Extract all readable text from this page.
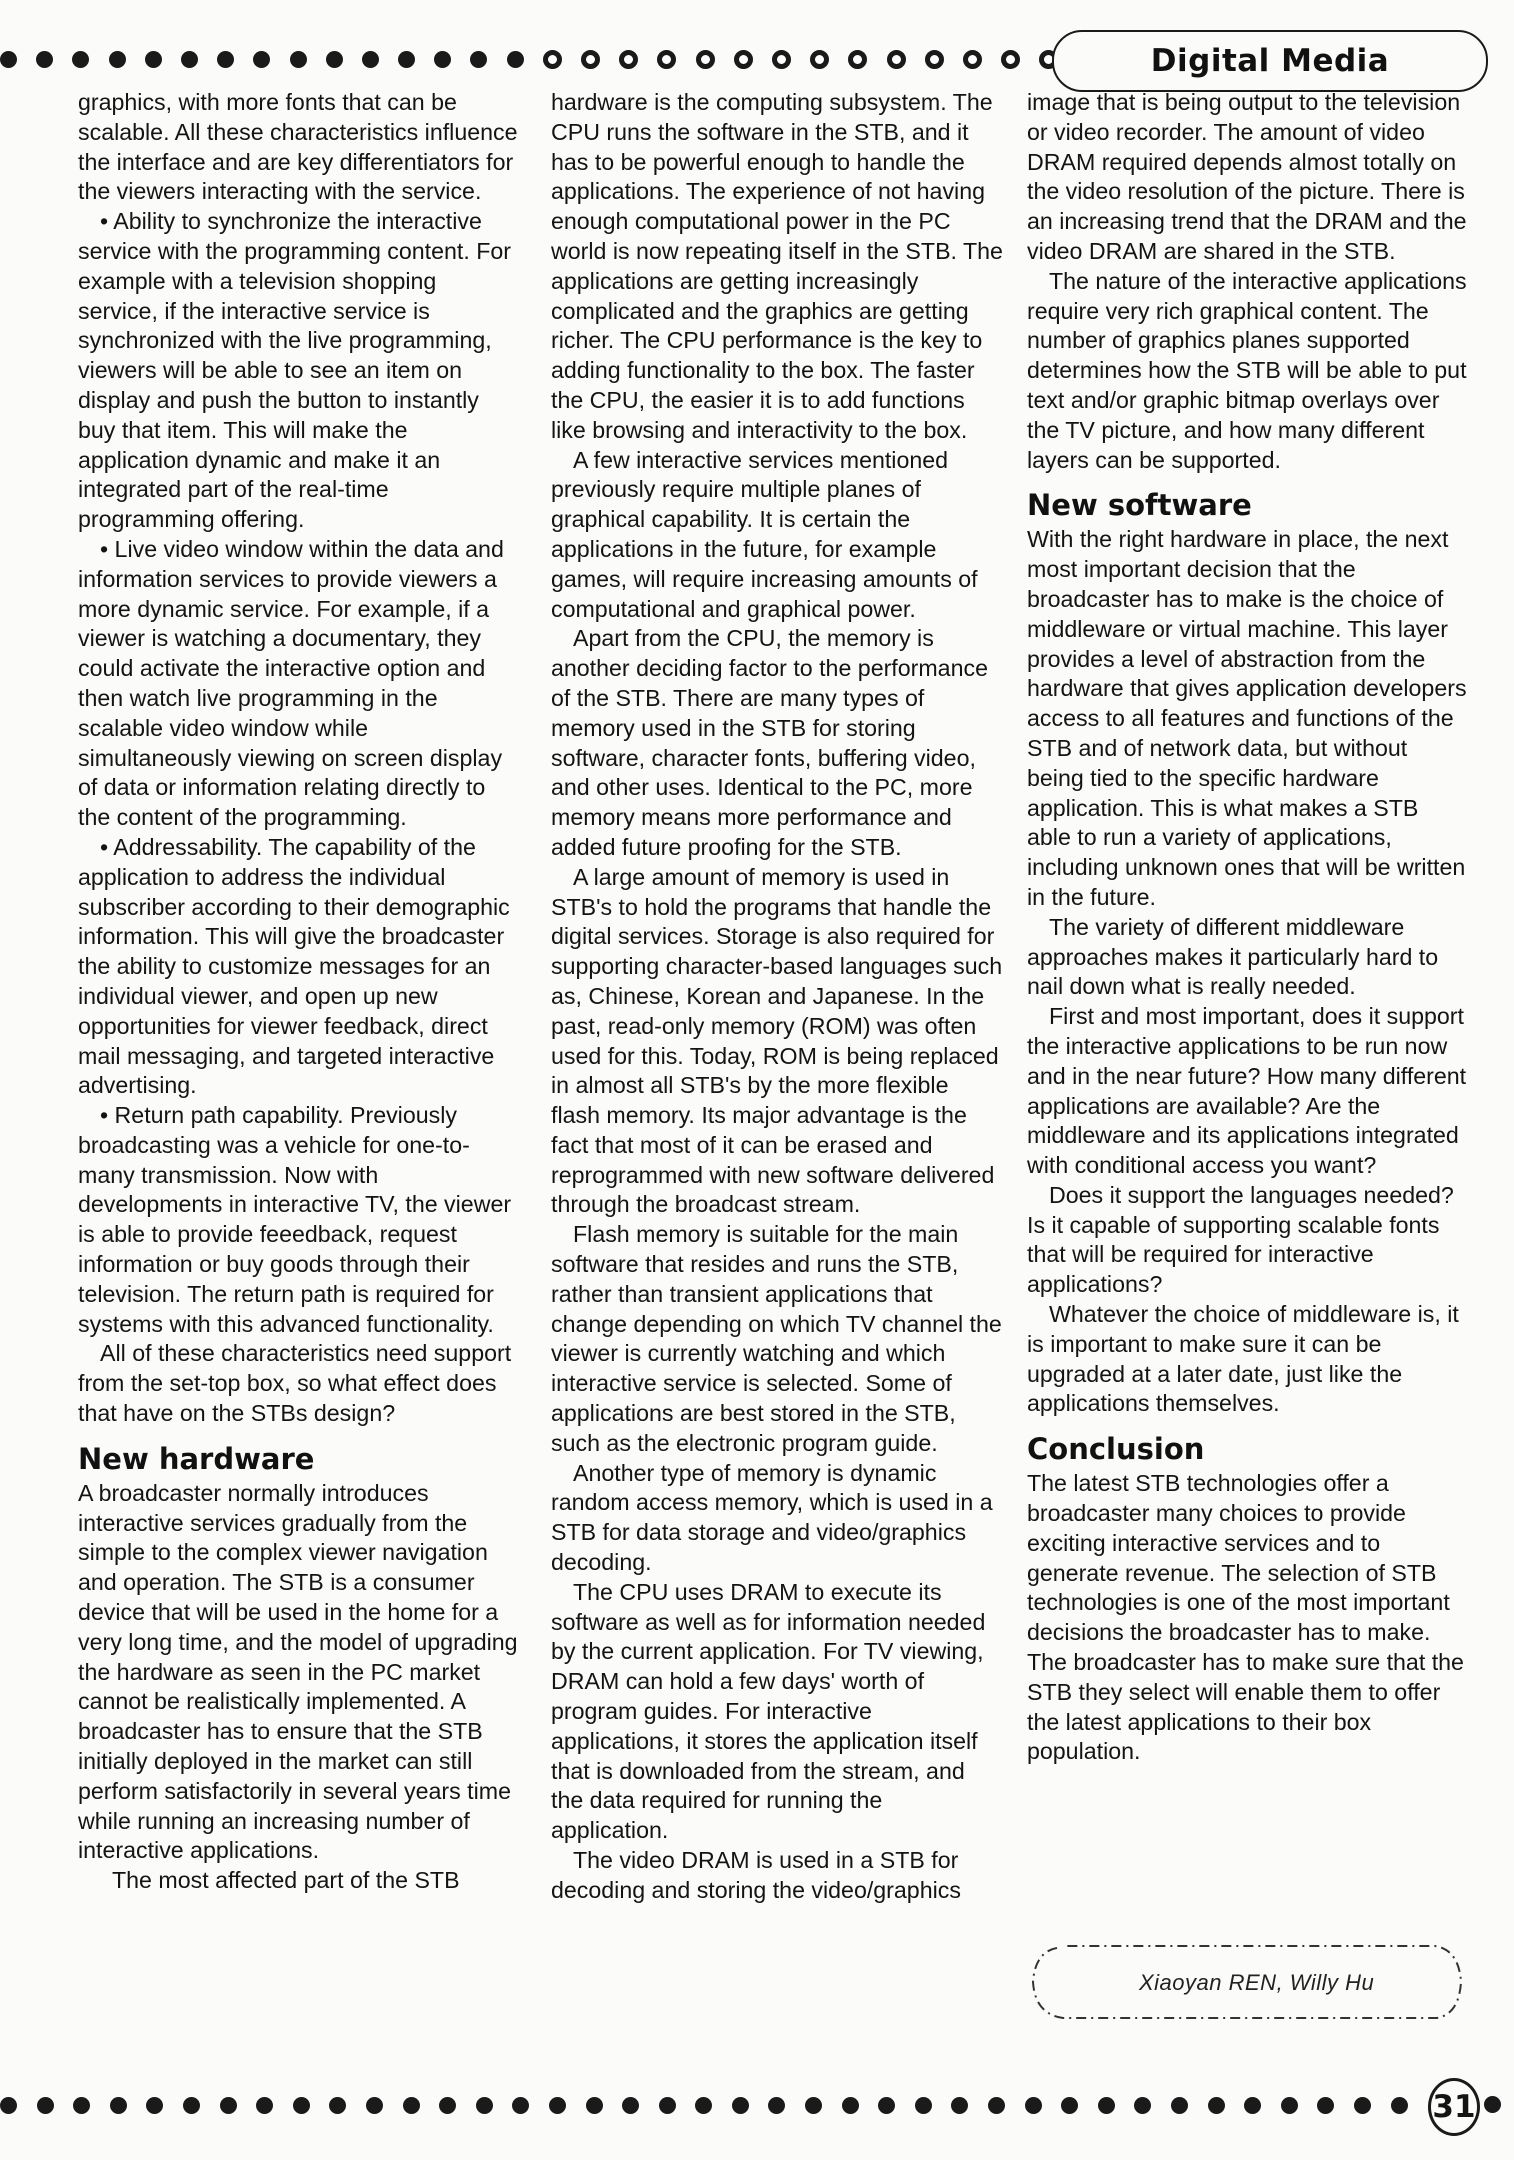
Digital Media

graphics, with more fonts that can be scalable. All these characteristics influence the interface and are key differentiators for the viewers interacting with the service.

• Ability to synchronize the interactive service with the programming content. For example with a television shopping service, if the interactive service is synchronized with the live programming, viewers will be able to see an item on display and push the button to instantly buy that item. This will make the application dynamic and make it an integrated part of the real-time programming offering.

• Live video window within the data and information services to provide viewers a more dynamic service. For example, if a viewer is watching a documentary, they could activate the interactive option and then watch live programming in the scalable video window while simultaneously viewing on screen display of data or information relating directly to the content of the programming.

• Addressability. The capability of the application to address the individual subscriber according to their demographic information. This will give the broadcaster the ability to customize messages for an individual viewer, and open up new opportunities for viewer feedback, direct mail messaging, and targeted interactive advertising.

• Return path capability. Previously broadcasting was a vehicle for one-to-many transmission. Now with developments in interactive TV, the viewer is able to provide feeedback, request information or buy goods through their television. The return path is required for systems with this advanced functionality.

All of these characteristics need support from the set-top box, so what effect does that have on the STBs design?

New hardware

A broadcaster normally introduces interactive services gradually from the simple to the complex viewer navigation and operation. The STB is a consumer device that will be used in the home for a very long time, and the model of upgrading the hardware as seen in the PC market cannot be realistically implemented. A broadcaster has to ensure that the STB initially deployed in the market can still perform satisfactorily in several years time while running an increasing number of interactive applications.

The most affected part of the STB

hardware is the computing subsystem. The CPU runs the software in the STB, and it has to be powerful enough to handle the applications. The experience of not having enough computational power in the PC world is now repeating itself in the STB. The applications are getting increasingly complicated and the graphics are getting richer. The CPU performance is the key to adding functionality to the box. The faster the CPU, the easier it is to add functions like browsing and interactivity to the box.

A few interactive services mentioned previously require multiple planes of graphical capability. It is certain the applications in the future, for example games, will require increasing amounts of computational and graphical power.

Apart from the CPU, the memory is another deciding factor to the performance of the STB. There are many types of memory used in the STB for storing software, character fonts, buffering video, and other uses. Identical to the PC, more memory means more performance and added future proofing for the STB.

A large amount of memory is used in STB's to hold the programs that handle the digital services. Storage is also required for supporting character-based languages such as, Chinese, Korean and Japanese. In the past, read-only memory (ROM) was often used for this. Today, ROM is being replaced in almost all STB's by the more flexible flash memory. Its major advantage is the fact that most of it can be erased and reprogrammed with new software delivered through the broadcast stream.

Flash memory is suitable for the main software that resides and runs the STB, rather than transient applications that change depending on which TV channel the viewer is currently watching and which interactive service is selected. Some of applications are best stored in the STB, such as the electronic program guide.

Another type of memory is dynamic random access memory, which is used in a STB for data storage and video/graphics decoding.

The CPU uses DRAM to execute its software as well as for information needed by the current application. For TV viewing, DRAM can hold a few days' worth of program guides. For interactive applications, it stores the application itself that is downloaded from the stream, and the data required for running the application.

The video DRAM is used in a STB for decoding and storing the video/graphics

image that is being output to the television or video recorder. The amount of video DRAM required depends almost totally on the video resolution of the picture. There is an increasing trend that the DRAM and the video DRAM are shared in the STB.

The nature of the interactive applications require very rich graphical content. The number of graphics planes supported determines how the STB will be able to put text and/or graphic bitmap overlays over the TV picture, and how many different layers can be supported.

New software

With the right hardware in place, the next most important decision that the broadcaster has to make is the choice of middleware or virtual machine. This layer provides a level of abstraction from the hardware that gives application developers access to all features and functions of the STB and of network data, but without being tied to the specific hardware application. This is what makes a STB able to run a variety of applications, including unknown ones that will be written in the future.

The variety of different middleware approaches makes it particularly hard to nail down what is really needed.

First and most important, does it support the interactive applications to be run now and in the near future? How many different applications are available? Are the middleware and its applications integrated with conditional access you want?

Does it support the languages needed? Is it capable of supporting scalable fonts that will be required for interactive applications?

Whatever the choice of middleware is, it is important to make sure it can be upgraded at a later date, just like the applications themselves.

Conclusion

The latest STB technologies offer a broadcaster many choices to provide exciting interactive services and to generate revenue. The selection of STB technologies is one of the most important decisions the broadcaster has to make. The broadcaster has to make sure that the STB they select will enable them to offer the latest applications to their box population.

Xiaoyan REN, Willy Hu
31
